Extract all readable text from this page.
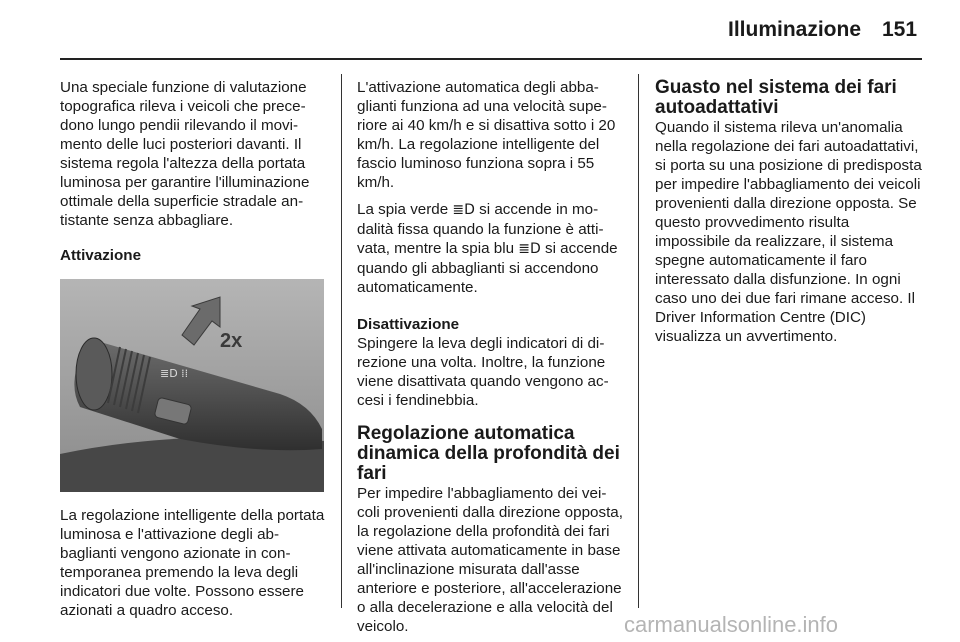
Illuminazione 151

Una speciale funzione di valutazione topografica rileva i veicoli che precedono lungo pendii rilevando il movimento delle luci posteriori davanti. Il sistema regola l'altezza della portata luminosa per garantire l'illuminazione ottimale della superficie stradale antistante senza abbagliare.

Attivazione

≣D ⁞⁞
2x

La regolazione intelligente della portata luminosa e l'attivazione degli abbaglianti vengono azionate in contemporanea premendo la leva degli indicatori due volte. Possono essere azionati a quadro acceso.

L'attivazione automatica degli abbaglianti funziona ad una velocità superiore ai 40 km/h e si disattiva sotto i 20 km/h. La regolazione intelligente del fascio luminoso funziona sopra i 55 km/h.

La spia verde ≣D si accende in modalità fissa quando la funzione è attivata, mentre la spia blu ≣D si accende quando gli abbaglianti si accendono automaticamente.

Disattivazione

Spingere la leva degli indicatori di direzione una volta. Inoltre, la funzione viene disattivata quando vengono accesi i fendinebbia.

Regolazione automatica dinamica della profondità dei fari

Per impedire l'abbagliamento dei veicoli provenienti dalla direzione opposta, la regolazione della profondità dei fari viene attivata automaticamente in base all'inclinazione misurata dall'asse anteriore e posteriore, all'accelerazione o alla decelerazione e alla velocità del veicolo.

Guasto nel sistema dei fari autoadattativi

Quando il sistema rileva un'anomalia nella regolazione dei fari autoadattativi, si porta su una posizione di predisposta per impedire l'abbagliamento dei veicoli provenienti dalla direzione opposta. Se questo provvedimento risulta impossibile da realizzare, il sistema spegne automaticamente il faro interessato dalla disfunzione. In ogni caso uno dei due fari rimane acceso. Il Driver Information Centre (DIC) visualizza un avvertimento.

carmanualsonline.info
